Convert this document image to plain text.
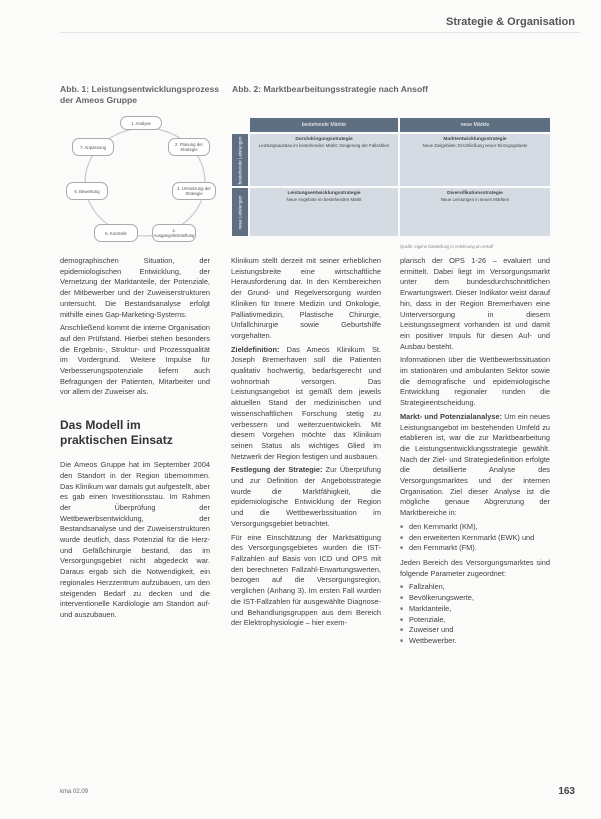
Strategie & Organisation
Abb. 1: Leistungsentwicklungsprozess der Ameos Gruppe
1. Analyse
2. Planung der Strategie
3. Umsetzung der Strategie
4. Ausgangsfeststellung
5. Kontrolle
6. Bewertung
7. Anpassung
Abb. 2: Marktbearbeitungsstrategie nach Ansoff
bestehende Märkte	neue Märkte
bestehende Leistungen
neue Leistungen
Durchdringungsstrategie
Leistungsausbau im bestehenden Markt; Steigerung der Fallzahlen
Marktentwicklungsstrategie
Neue Zielgebiete; Erschließung neuer Einzugsgebiete
Leistungsentwicklungsstrategie
Neue Angebote im bestehenden Markt
Diversifikationsstrategie
Neue Leistungen in neuen Märkten
Quelle: eigene Darstellung in Anlehnung an Ansoff

demographischen Situation, der epidemiologischen Entwicklung, der Vernetzung der Marktanteile, der Potenziale, der Mitbewerber und der Zuweiserstrukturen untersucht. Die Bestandsanalyse erfolgt mithilfe eines Gap-Marketing-Systems.

Anschließend kommt die interne Organisation auf den Prüfstand. Hierbei stehen besonders die Ergebnis-, Struktur- und Prozessqualität im Vordergrund. Weitere Impulse für Verbesserungspotenziale liefern auch Befragungen der Patienten, Mitarbeiter und vor allem der Zuweiser als.

Das Modell im praktischen Einsatz

Die Ameos Gruppe hat im September 2004 den Standort in der Region übernommen. Das Klinikum war damals gut aufgestellt, aber es gab einen Investitionsstau. Im Rahmen der Überprüfung der Wettbewerbsentwicklung, der Bestandsanalyse und der Zuweiserstrukturen wurde deutlich, dass Potenzial für die Herz- und Gefäßchirurgie bestand, das im Versorgungsgebiet nicht abgedeckt war. Daraus ergab sich die Notwendigkeit, ein regionales Herzzentrum aufzubauen, um den steigenden Bedarf zu decken und die interventionelle Kardiologie am Standort auf- und auszubauen.

Klinikum stellt derzeit mit seiner erheblichen Leistungsbreite eine wirtschaftliche Herausforderung dar. In den Kernbereichen der Grund- und Regelversorgung wurden Kliniken für Innere Medizin und Onkologie, Palliativmedizin, Plastische Chirurgie, Unfallchirurgie sowie Geburtshilfe vorgehalten.

Zieldefinition: Das Ameos Klinikum St. Joseph Bremerhaven soll die Patienten qualitativ hochwertig, bedarfsgerecht und wohnortnah versorgen. Das Leistungsangebot ist gemäß dem jeweils aktuellen Stand der medizinischen und wissenschaftlichen Forschung stetig zu verbessern und weiterzuentwickeln. Mit diesem Vorgehen möchte das Klinikum seinen Status als wichtiges Glied im Netzwerk der Region festigen und ausbauen.

Festlegung der Strategie: Zur Überprüfung und zur Definition der Angebotsstrategie wurde die Marktfähigkeit, die epidemiologische Entwicklung der Region und die Wettbewerbssituation im Versorgungsgebiet betrachtet.

Für eine Einschätzung der Marktsättigung des Versorgungsgebietes wurden die IST-Fallzahlen auf Basis von ICD und OPS mit den berechneten Fallzahl-Erwartungswerten, bezogen auf die Versorgungsregion, verglichen (Anhang 3). Im ersten Fall wurden die IST-Fallzahlen für ausgewählte Diagnose- und Behandlungsgruppen aus dem Bereich der Elektrophysiologie – hier exem-

plarisch der OPS 1-26 – evaluiert und ermittelt. Dabei liegt im Versorgungsmarkt unter dem bundesdurchschnittlichen Erwartungswert. Dieser Indikator weist darauf hin, dass in der Region Bremerhaven eine Unterversorgung in diesem Leistungssegment vorhanden ist und damit ein positiver Impuls für diesen Auf- und Ausbau besteht.

Informationen über die Wettbewerbssituation im stationären und ambulanten Sektor sowie die demografische und epidemiologische Entwicklung regionaler runden die Strategieentscheidung.

Markt- und Potenzialanalyse: Um ein neues Leistungsangebot im bestehenden Umfeld zu etablieren ist, war die zur Marktbearbeitung die Leistungsentwicklungsstrategie gewählt. Nach der Ziel- und Strategiedefinition erfolgte die detaillierte Analyse des Versorgungsmarktes und der internen Organisation. Ziel dieser Analyse ist die mögliche genaue Abgrenzung der Marktbereiche in:

■ den Kernmarkt (KM),
■ den erweiterten Kernmarkt (EWK) und
■ den Fernmarkt (FM).

Jeden Bereich des Versorgungsmarktes sind folgende Parameter zugeordnet:

■ Fallzahlen,
■ Bevölkerungswerte,
■ Marktanteile,
■ Potenziale,
■ Zuweiser und
■ Wettbewerber.
kma 02.09	163
